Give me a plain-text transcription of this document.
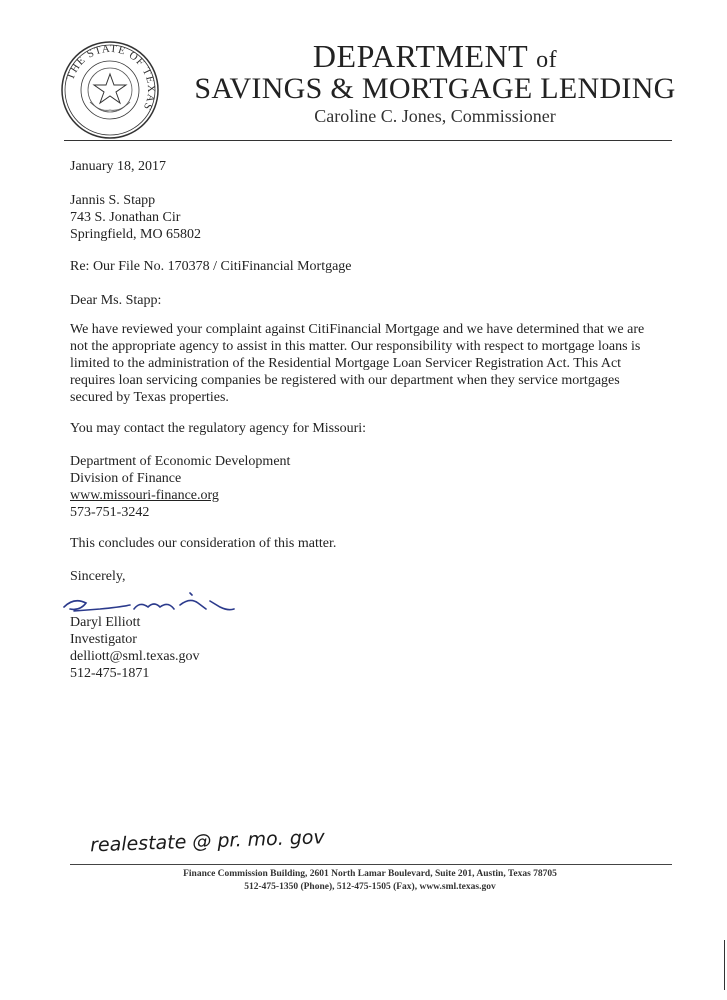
THE STATE OF TEXAS
DEPARTMENT of
SAVINGS & MORTGAGE LENDING
Caroline C. Jones, Commissioner
January 18, 2017
Jannis S. Stapp
743 S. Jonathan Cir
Springfield, MO 65802
Re: Our File No. 170378 / CitiFinancial Mortgage
Dear Ms. Stapp:
We have reviewed your complaint against CitiFinancial Mortgage and we have determined that we are
not the appropriate agency to assist in this matter. Our responsibility with respect to mortgage loans is
limited to the administration of the Residential Mortgage Loan Servicer Registration Act. This Act
requires loan servicing companies be registered with our department when they service mortgages
secured by Texas properties.
You may contact the regulatory agency for Missouri:
Department of Economic Development
Division of Finance
www.missouri-finance.org
573-751-3242
This concludes our consideration of this matter.
Sincerely,
Daryl Elliott
Investigator
delliott@sml.texas.gov
512-475-1871
realestate @ pr. mo. gov
Finance Commission Building, 2601 North Lamar Boulevard, Suite 201, Austin, Texas 78705
512-475-1350 (Phone), 512-475-1505 (Fax), www.sml.texas.gov
